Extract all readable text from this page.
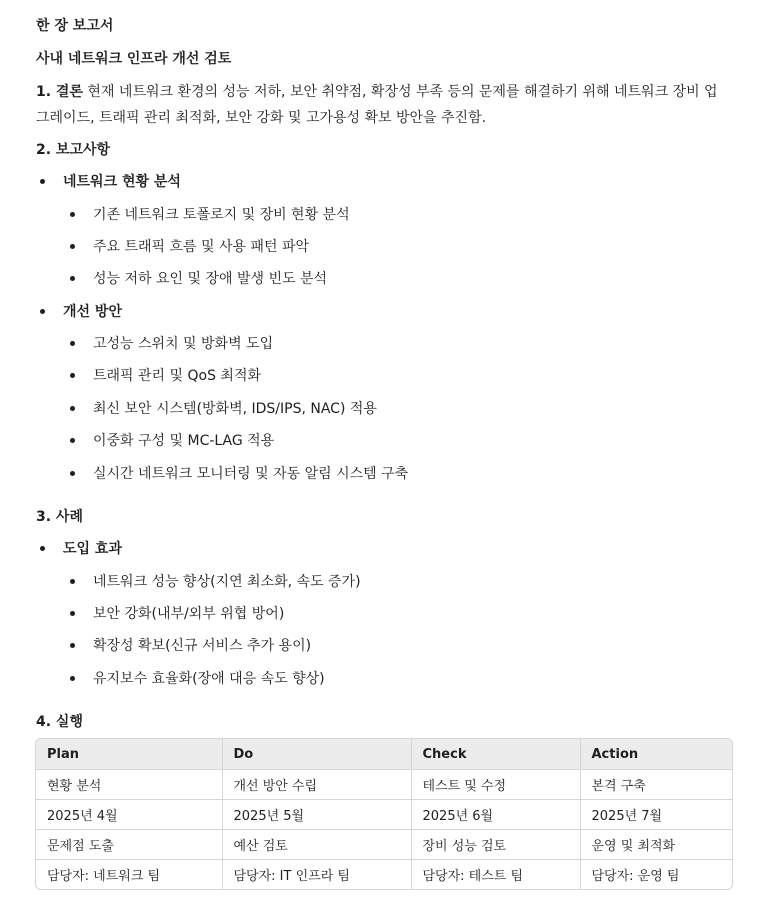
한 장 보고서
사내 네트워크 인프라 개선 검토
1. 결론 현재 네트워크 환경의 성능 저하, 보안 취약점, 확장성 부족 등의 문제를 해결하기 위해 네트워크 장비 업그레이드, 트래픽 관리 최적화, 보안 강화 및 고가용성 확보 방안을 추진함.
2. 보고사항
네트워크 현황 분석
기존 네트워크 토폴로지 및 장비 현황 분석
주요 트래픽 흐름 및 사용 패턴 파악
성능 저하 요인 및 장애 발생 빈도 분석
개선 방안
고성능 스위치 및 방화벽 도입
트래픽 관리 및 QoS 최적화
최신 보안 시스템(방화벽, IDS/IPS, NAC) 적용
이중화 구성 및 MC-LAG 적용
실시간 네트워크 모니터링 및 자동 알림 시스템 구축
3. 사례
도입 효과
네트워크 성능 향상(지연 최소화, 속도 증가)
보안 강화(내부/외부 위협 방어)
확장성 확보(신규 서비스 추가 용이)
유지보수 효율화(장애 대응 속도 향상)
4. 실행
Plan	Do	Check	Action
현황 분석	개선 방안 수립	테스트 및 수정	본격 구축
2025년 4월	2025년 5월	2025년 6월	2025년 7월
문제점 도출	예산 검토	장비 성능 검토	운영 및 최적화
담당자: 네트워크 팀	담당자: IT 인프라 팀	담당자: 테스트 팀	담당자: 운영 팀
